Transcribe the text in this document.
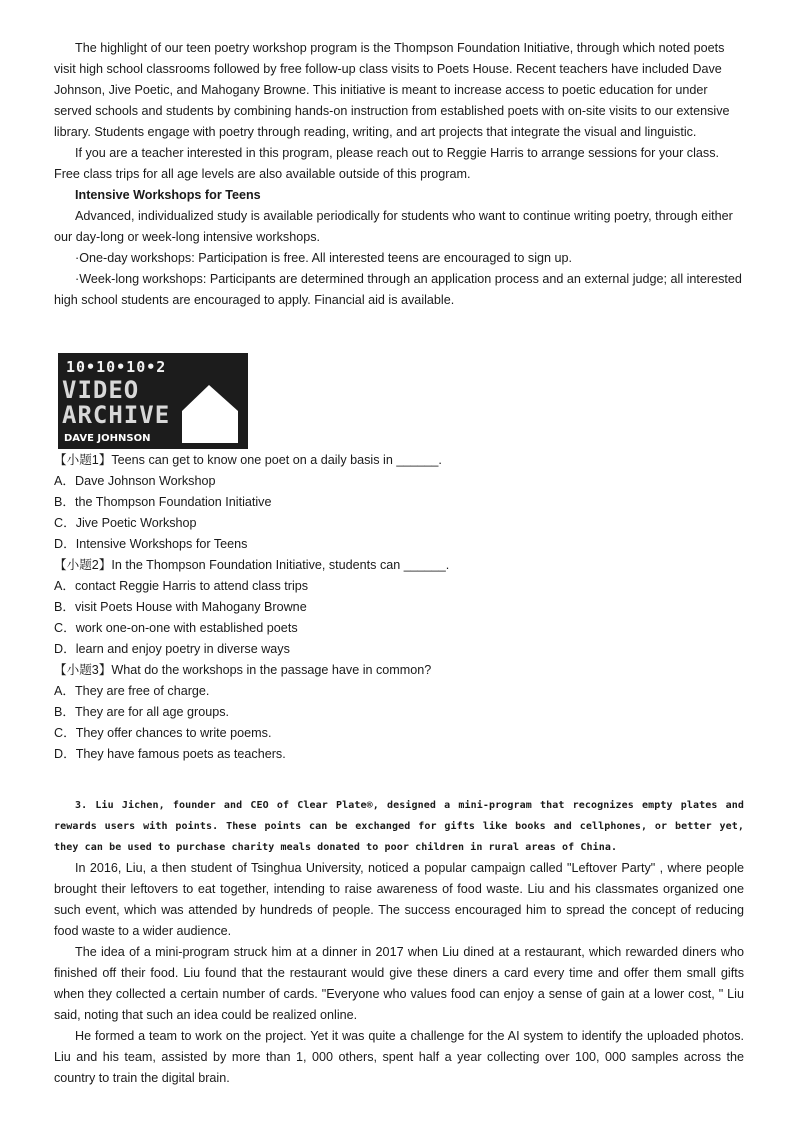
The highlight of our teen poetry workshop program is the Thompson Foundation Initiative, through which noted poets visit high school classrooms followed by free follow-up class visits to Poets House. Recent teachers have included Dave Johnson, Jive Poetic, and Mahogany Browne. This initiative is meant to increase access to poetic education for under served schools and students by combining hands-on instruction from established poets with on-site visits to our extensive library. Students engage with poetry through reading, writing, and art projects that integrate the visual and linguistic.

If you are a teacher interested in this program, please reach out to Reggie Harris to arrange sessions for your class. Free class trips for all age levels are also available outside of this program.

Intensive Workshops for Teens

Advanced, individualized study is available periodically for students who want to continue writing poetry, through either our day-long or week-long intensive workshops.

·One-day workshops: Participation is free. All interested teens are encouraged to sign up.

·Week-long workshops: Participants are determined through an application process and an external judge; all interested high school students are encouraged to apply. Financial aid is available.

10•10•10•2
VIDEO
ARCHIVE
DAVE JOHNSON

【小题1】Teens can get to know one poet on a daily basis in ______.

A．Dave Johnson Workshop

B．the Thompson Foundation Initiative

C．Jive Poetic Workshop

D．Intensive Workshops for Teens

【小题2】In the Thompson Foundation Initiative, students can ______.

A．contact Reggie Harris to attend class trips

B．visit Poets House with Mahogany Browne

C．work one-on-one with established poets

D．learn and enjoy poetry in diverse ways

【小题3】What do the workshops in the passage have in common?

A．They are free of charge.

B．They are for all age groups.

C．They offer chances to write poems.

D．They have famous poets as teachers.

3. Liu Jichen, founder and CEO of Clear Plate®, designed a mini-program that recognizes empty plates and rewards users with points. These points can be exchanged for gifts like books and cellphones, or better yet, they can be used to purchase charity meals donated to poor children in rural areas of China.

In 2016, Liu, a then student of Tsinghua University, noticed a popular campaign called "Leftover Party" , where people brought their leftovers to eat together, intending to raise awareness of food waste. Liu and his classmates organized one such event, which was attended by hundreds of people. The success encouraged him to spread the concept of reducing food waste to a wider audience.

The idea of a mini-program struck him at a dinner in 2017 when Liu dined at a restaurant, which rewarded diners who finished off their food. Liu found that the restaurant would give these diners a card every time and offer them small gifts when they collected a certain number of cards. "Everyone who values food can enjoy a sense of gain at a lower cost, " Liu said, noting that such an idea could be realized online.

He formed a team to work on the project. Yet it was quite a challenge for the AI system to identify the uploaded photos. Liu and his team, assisted by more than 1, 000 others, spent half a year collecting over 100, 000 samples across the country to train the digital brain.
